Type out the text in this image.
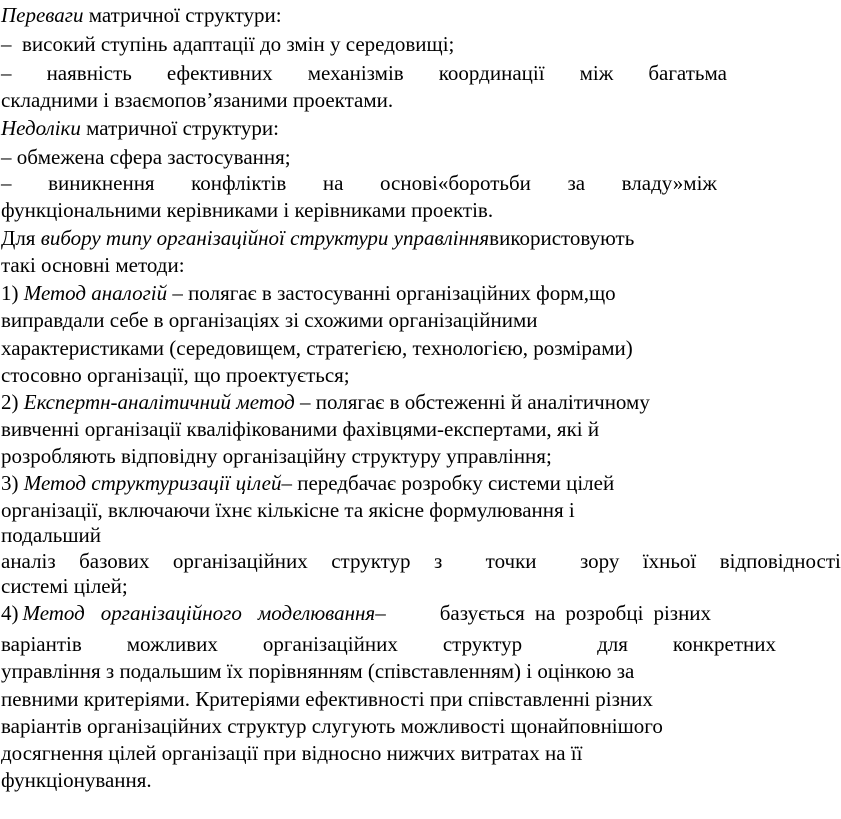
Переваги матричної структури:
–  високий ступінь адаптації до змін у середовищі;
– наявність ефективних механізмів координації між багатьма
складними і взаємопов’язаними проектами.
Недоліки матричної структури:
– обмежена сфера застосування;
– виникнення конфліктів на основі«боротьби за владу»між
функціональними керівниками і керівниками проектів.
Для вибору типу організаційної структури управліннявикористовують
такі основні методи:
1) Метод аналогій – полягає в застосуванні організаційних форм,що
виправдали себе в організаціях зі схожими організаційними
характеристиками (середовищем, стратегією, технологією, розмірами)
стосовно організації, що проектується;
2) Експертн-аналітичний метод – полягає в обстеженні й аналітичному
вивченні організації кваліфікованими фахівцями-експертами, які й
розробляють відповідну організаційну структуру управління;
3) Метод структуризації цілей– передбачає розробку системи цілей
організації, включаючи їхнє кількісне та якісне формулювання і
подальший
аналіз базових організаційних структур з точки зору їхньої відповідності
системі цілей;
4) Метод організаційного моделювання –	базується на розробці різних
варіантів можливих організаційних структур	для конкретних
управління з подальшим їх порівнянням (співставленням) і оцінкою за
певними критеріями. Критеріями ефективності при співставленні різних
варіантів організаційних структур слугують можливості щонайповнішого
досягнення цілей організації при відносно нижчих витратах на її
функціонування.
